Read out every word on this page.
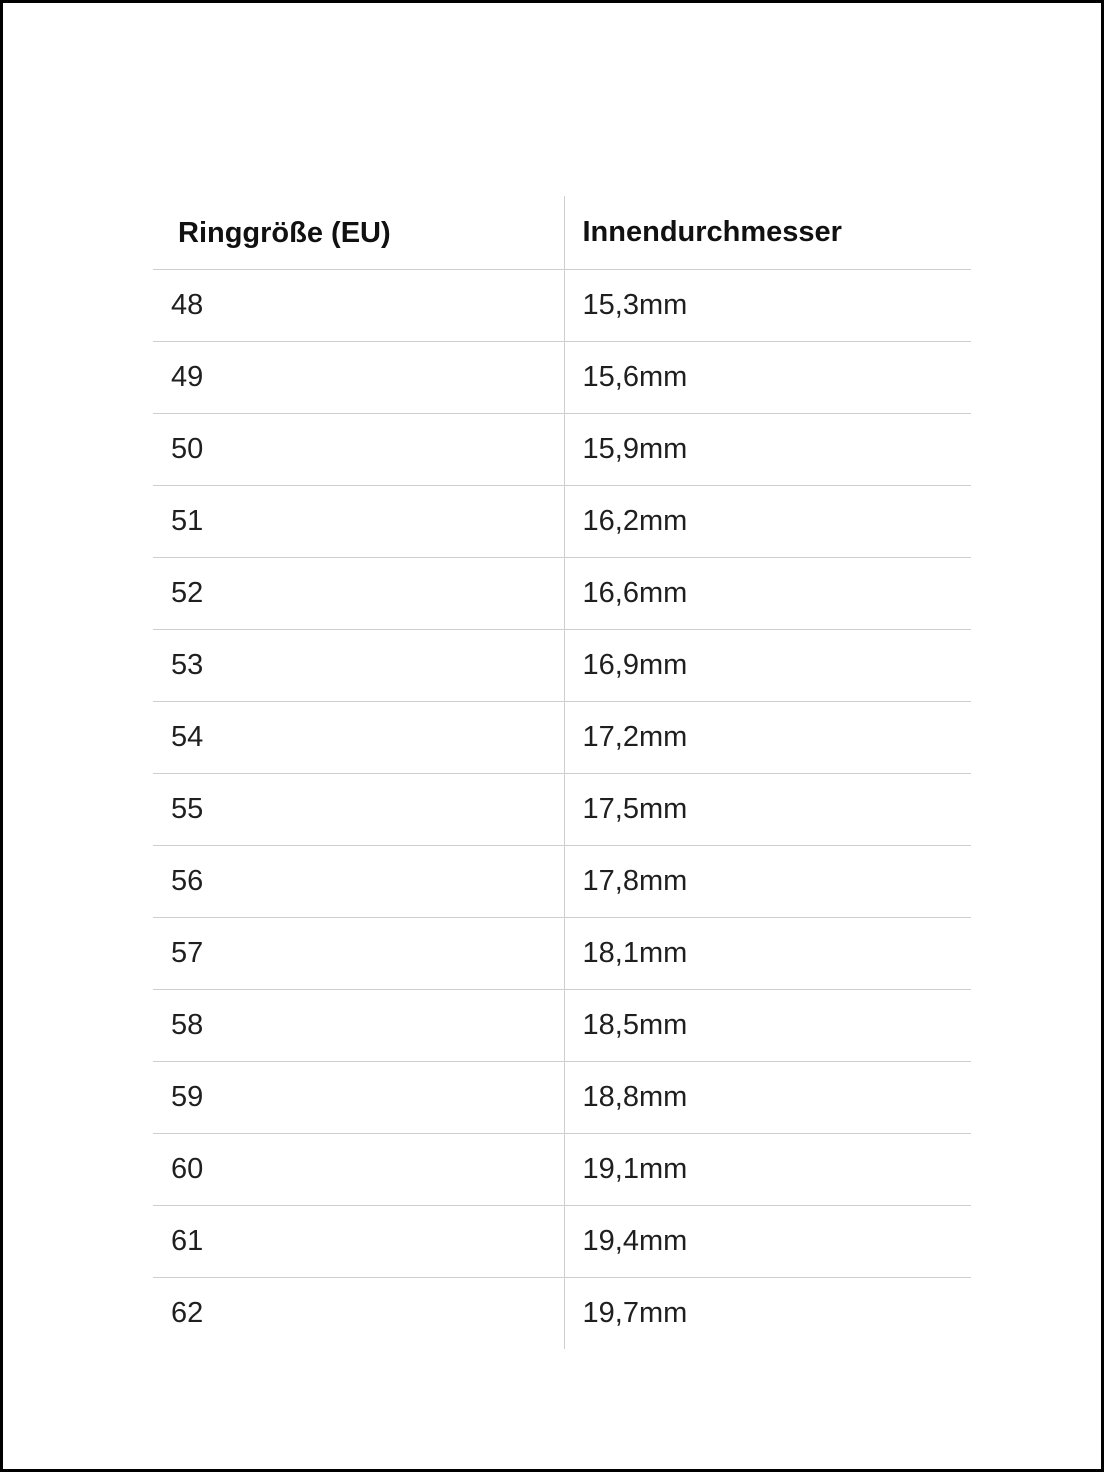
Ringgröße (EU)	Innendurchmesser
48	15,3mm
49	15,6mm
50	15,9mm
51	16,2mm
52	16,6mm
53	16,9mm
54	17,2mm
55	17,5mm
56	17,8mm
57	18,1mm
58	18,5mm
59	18,8mm
60	19,1mm
61	19,4mm
62	19,7mm
